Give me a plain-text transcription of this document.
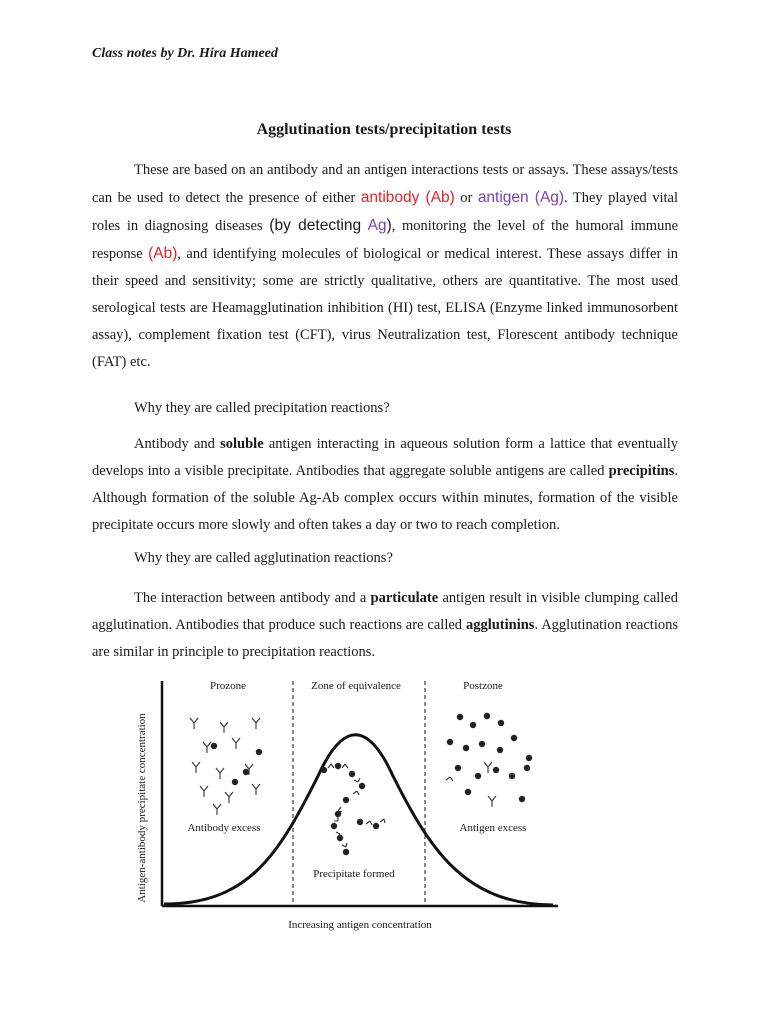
Class notes by Dr. Hira Hameed
Agglutination tests/precipitation tests

These are based on an antibody and an antigen interactions tests or assays. These assays/tests can be used to detect the presence of either antibody (Ab) or antigen (Ag). They played vital roles in diagnosing diseases (by detecting Ag), monitoring the level of the humoral immune response (Ab), and identifying molecules of biological or medical interest. These assays differ in their speed and sensitivity; some are strictly qualitative, others are quantitative. The most used serological tests are Heamagglutination inhibition (HI) test, ELISA (Enzyme linked immunosorbent assay), complement fixation test (CFT), virus Neutralization test, Florescent antibody technique (FAT) etc.

Why they are called precipitation reactions?

Antibody and soluble antigen interacting in aqueous solution form a lattice that eventually develops into a visible precipitate. Antibodies that aggregate soluble antigens are called precipitins. Although formation of the soluble Ag-Ab complex occurs within minutes, formation of the visible precipitate occurs more slowly and often takes a day or two to reach completion.

Why they are called agglutination reactions?

The interaction between antibody and a particulate antigen result in visible clumping called agglutination. Antibodies that produce such reactions are called agglutinins. Agglutination reactions are similar in principle to precipitation reactions.

Antigen-antibody precipitate concentration
Prozone	Zone of equivalence	Postzone
Antibody excess
Precipitate formed
Antigen excess
Increasing antigen concentration
